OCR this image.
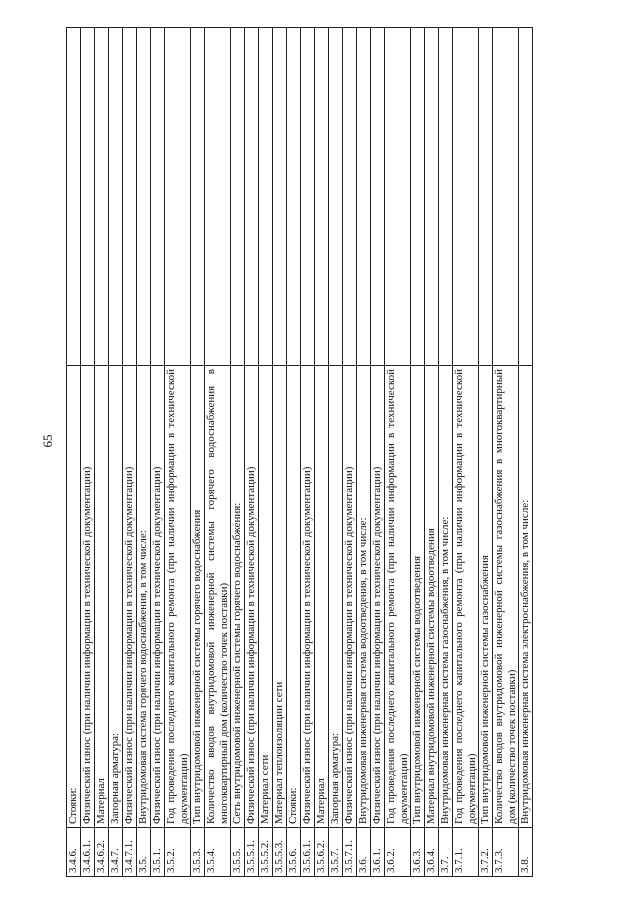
65
3.4.6.	Стояки:	
3.4.6.1.	Физический износ (при наличии информации в технической документации)	
3.4.6.2.	Материал	
3.4.7.	Запорная арматура:	
3.4.7.1.	Физический износ (при наличии информации в технической документации)	
3.5.	Внутридомовая система горячего водоснабжения, в том числе:	
3.5.1.	Физический износ (при наличии информации в технической документации)	
3.5.2.	Год проведения последнего капитального ремонта (при наличии информации в технической документации)	
3.5.3.	Тип внутридомовой инженерной системы горячего водоснабжения	
3.5.4.	Количество вводов внутридомовой инженерной системы горячего водоснабжения в многоквартирный дом (количество точек поставки)	
3.5.5.	Сеть внутридомовой инженерной системы горячего водоснабжения:	
3.5.5.1.	Физический износ (при наличии информации в технической документации)	
3.5.5.2.	Материал сети	
3.5.5.3.	Материал теплоизоляции сети	
3.5.6.	Стояки:	
3.5.6.1.	Физический износ (при наличии информации в технической документации)	
3.5.6.2.	Материал	
3.5.7.	Запорная арматура:	
3.5.7.1.	Физический износ (при наличии информации в технической документации)	
3.6.	Внутридомовая инженерная система водоотведения, в том числе:	
3.6.1.	Физический износ (при наличии информации в технической документации)	
3.6.2.	Год проведения последнего капитального ремонта (при наличии информации в технической документации)	
3.6.3.	Тип внутридомовой инженерной системы водоотведения	
3.6.4.	Материал внутридомовой инженерной системы водоотведения	
3.7.	Внутридомовая инженерная система газоснабжения, в том числе:	
3.7.1.	Год проведения последнего капитального ремонта (при наличии информации в технической документации)	
3.7.2.	Тип внутридомовой инженерной системы газоснабжения	
3.7.3.	Количество вводов внутридомовой инженерной системы газоснабжения в многоквартирный дом (количество точек поставки)	
3.8.	Внутридомовая инженерная система электроснабжения, в том числе:	
